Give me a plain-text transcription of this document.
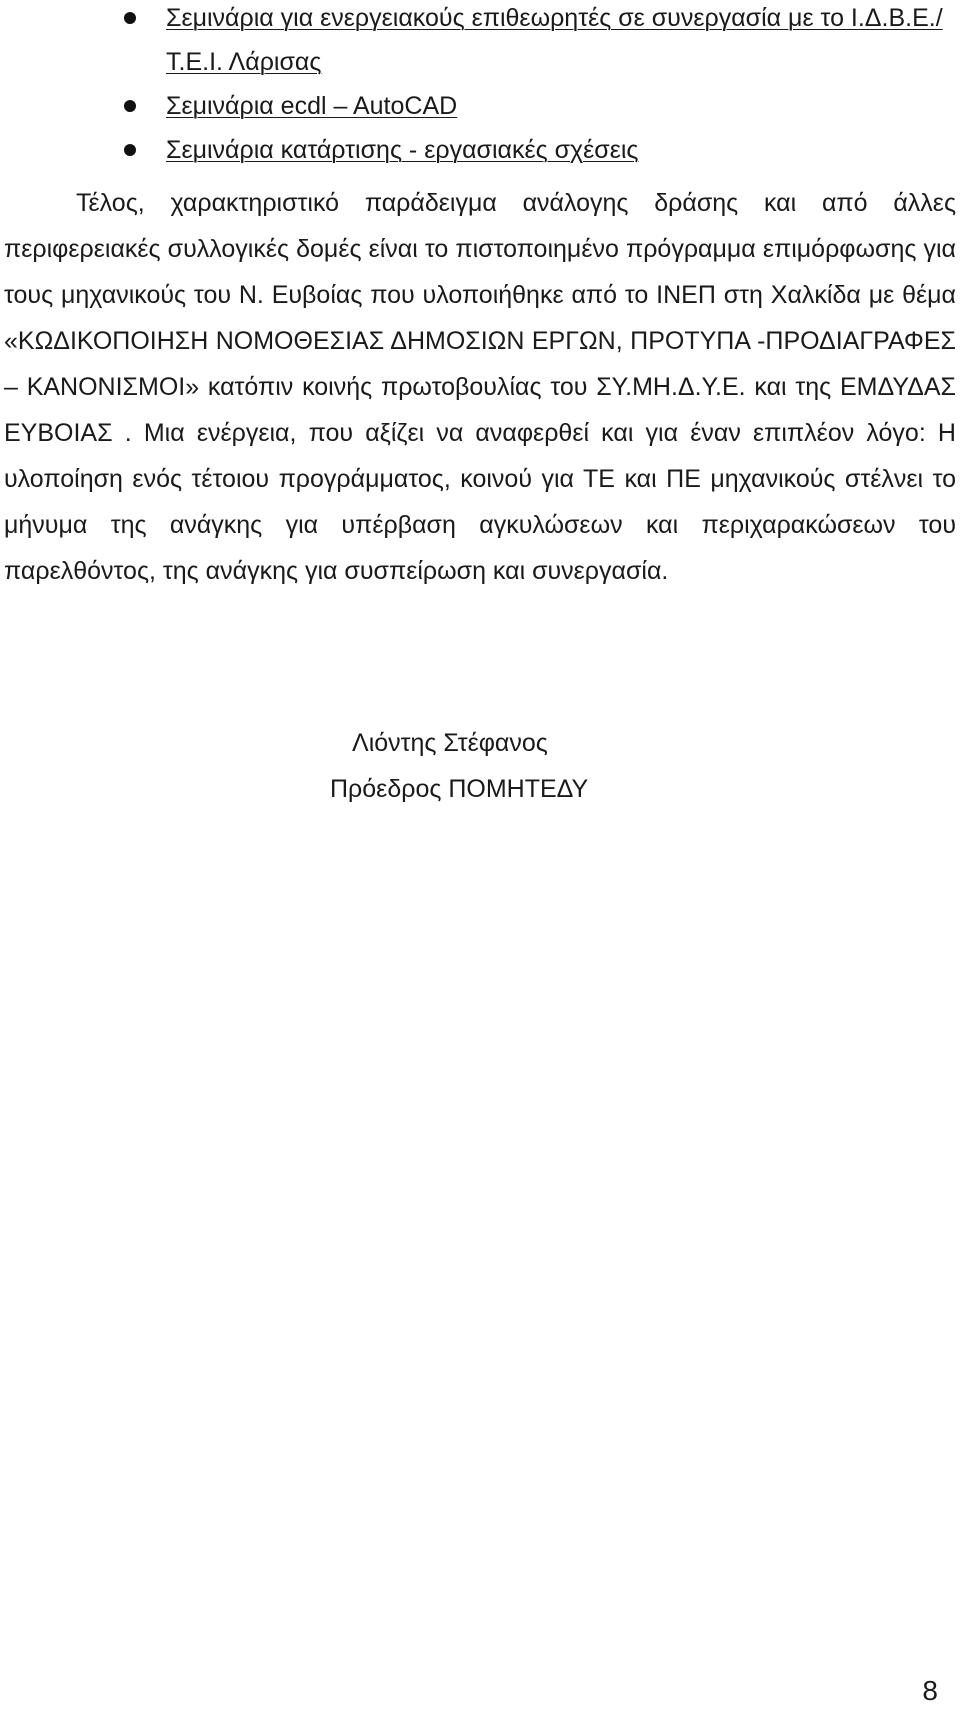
Σεμινάρια για ενεργειακούς επιθεωρητές σε συνεργασία με το Ι.Δ.Β.Ε./Τ.Ε.Ι. Λάρισας
Σεμινάρια ecdl – AutoCAD
Σεμινάρια κατάρτισης - εργασιακές σχέσεις

Τέλος, χαρακτηριστικό παράδειγμα ανάλογης δράσης και από άλλες περιφερειακές συλλογικές δομές είναι το πιστοποιημένο πρόγραμμα επιμόρφωσης για τους μηχανικούς του Ν. Ευβοίας που υλοποιήθηκε από το ΙΝΕΠ στη Χαλκίδα με θέμα «ΚΩΔΙΚΟΠΟΙΗΣΗ ΝΟΜΟΘΕΣΙΑΣ ΔΗΜΟΣΙΩΝ ΕΡΓΩΝ, ΠΡΟΤΥΠΑ -ΠΡΟΔΙΑΓΡΑΦΕΣ – ΚΑΝΟΝΙΣΜΟΙ» κατόπιν κοινής πρωτοβουλίας του ΣΥ.ΜΗ.Δ.Υ.Ε. και της ΕΜΔΥΔΑΣ ΕΥΒΟΙΑΣ . Μια ενέργεια, που αξίζει να αναφερθεί και για έναν επιπλέον λόγο: Η υλοποίηση ενός τέτοιου προγράμματος, κοινού για ΤΕ και ΠΕ μηχανικούς στέλνει το μήνυμα της ανάγκης για υπέρβαση αγκυλώσεων και περιχαρακώσεων του παρελθόντος, της ανάγκης για συσπείρωση και συνεργασία.

Λιόντης Στέφανος
Πρόεδρος ΠΟΜΗΤΕΔΥ
8
